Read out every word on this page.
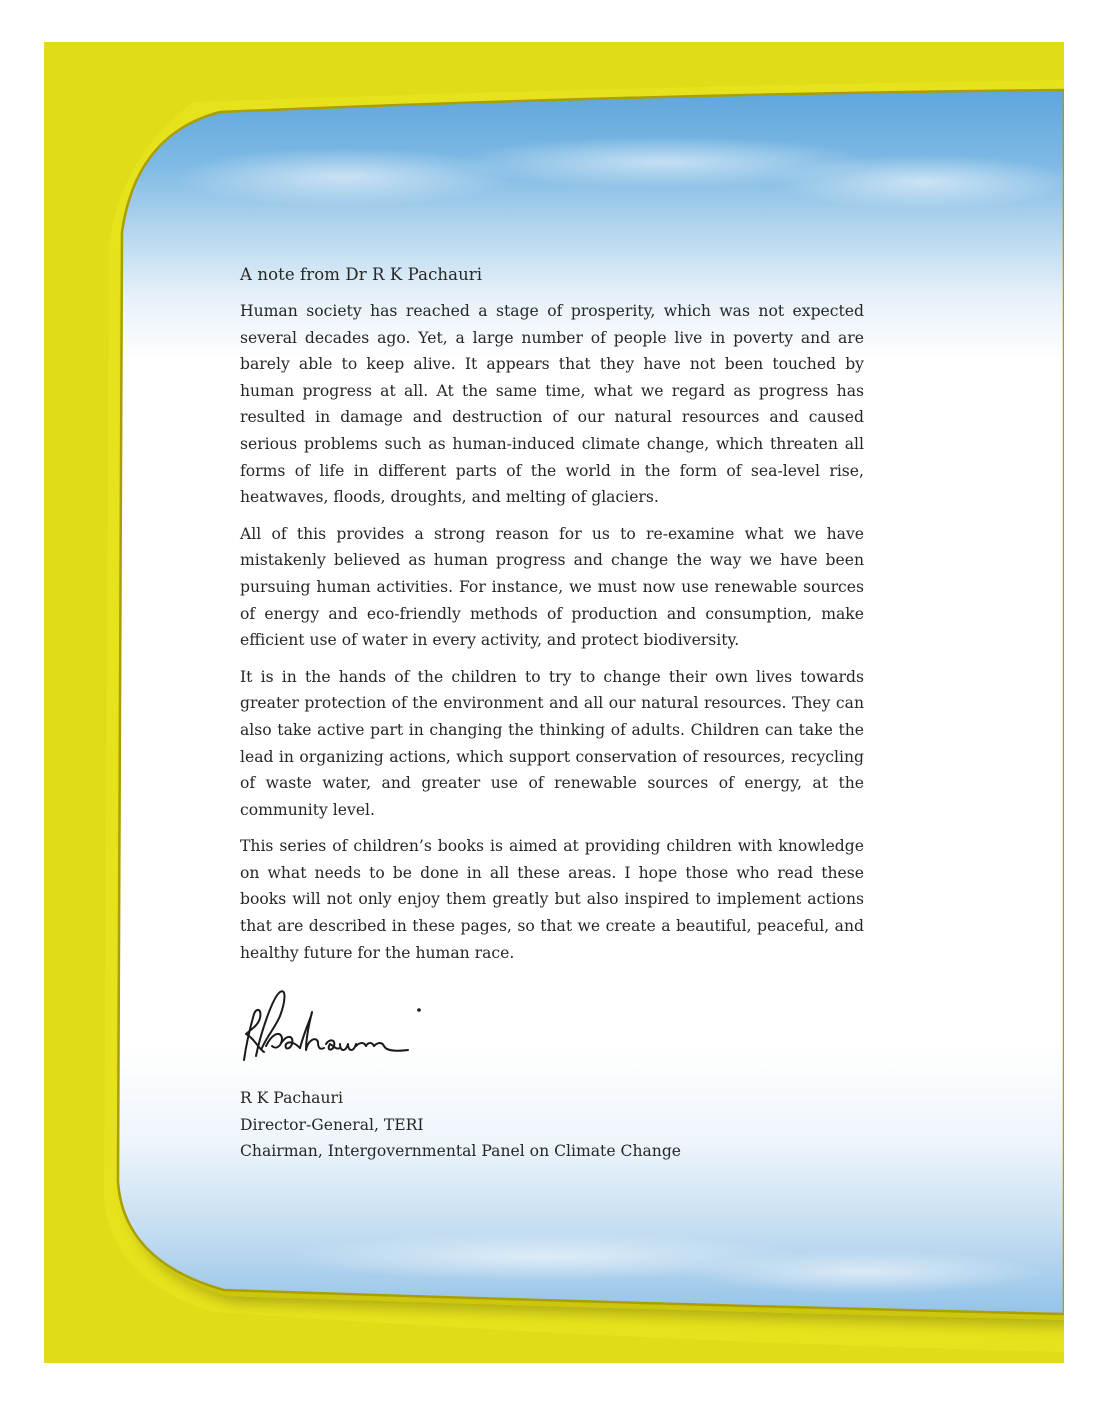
A note from Dr R K Pachauri

Human society has reached a stage of prosperity, which was not expected several decades ago. Yet, a large number of people live in poverty and are barely able to keep alive. It appears that they have not been touched by human progress at all. At the same time, what we regard as progress has resulted in damage and destruction of our natural resources and caused serious problems such as human-induced climate change, which threaten all forms of life in different parts of the world in the form of sea-level rise, heatwaves, floods, droughts, and melting of glaciers.

All of this provides a strong reason for us to re-examine what we have mistakenly believed as human progress and change the way we have been pursuing human activities. For instance, we must now use renewable sources of energy and eco-friendly methods of production and consumption, make efficient use of water in every activity, and protect biodiversity.

It is in the hands of the children to try to change their own lives towards greater protection of the environment and all our natural resources. They can also take active part in changing the thinking of adults. Children can take the lead in organizing actions, which support conservation of resources, recycling of waste water, and greater use of renewable sources of energy, at the community level.

This series of children’s books is aimed at providing children with knowledge on what needs to be done in all these areas. I hope those who read these books will not only enjoy them greatly but also inspired to implement actions that are described in these pages, so that we create a beautiful, peaceful, and healthy future for the human race.

R K Pachauri
Director-General, TERI
Chairman, Intergovernmental Panel on Climate Change
